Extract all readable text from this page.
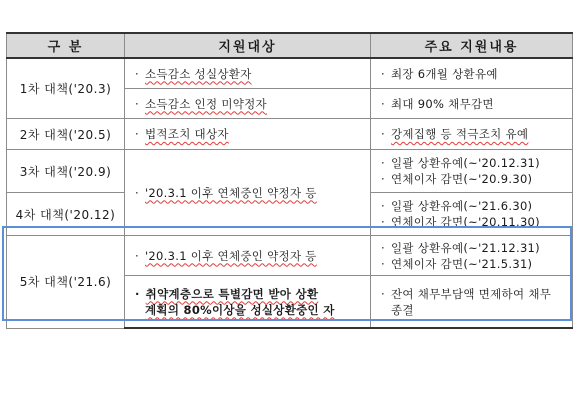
구 분	지원대상	주요 지원내용
1차 대책('20.3)	· 소득감소 성실상환자	· 최장 6개월 상환유예

	· 소득감소 인정 미약정자	· 최대 90% 채무감면

2차 대책('20.5)	· 법적조치 대상자	· 강제집행 등 적극조치 유예

3차 대책('20.9)	· '20.3.1 이후 연체중인 약정자 등	· 일괄 상환유예(~'20.12.31)
· 연체이자 감면(~'20.9.30)

4차 대책('20.12)		· 일괄 상환유예(~'21.6.30)
· 연체이자 감면(~'20.11.30)

5차 대책('21.6)	· '20.3.1 이후 연체중인 약정자 등	· 일괄 상환유예(~'21.12.31)
· 연체이자 감면(~'21.5.31)

	· 취약계층으로 특별감면 받아 상환
계획의 80%이상을 성실상환중인 자	· 잔여 채무부담액 면제하여 채무
종결
